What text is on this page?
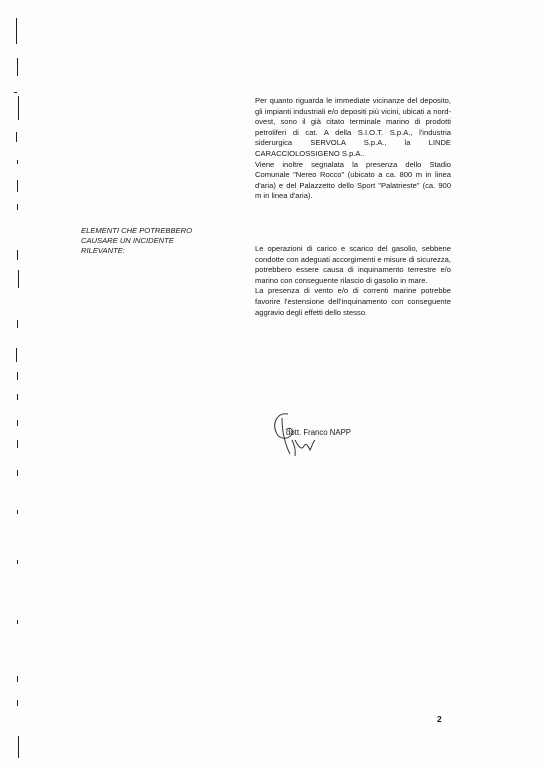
Per quanto riguarda le immediate vicinanze del deposito, gli impianti industriali e/o depositi più vicini, ubicati a nord-ovest, sono il già citato terminale marino di prodotti petroliferi di cat. A della S.I.O.T. S.p.A., l'industria siderurgica SERVOLA S.p.A., la LINDE CARACCIOLOSSIGENO S.p.A..

Viene inoltre segnalata la presenza dello Stadio Comunale "Nereo Rocco" (ubicato a ca. 800 m in linea d'aria) e del Palazzetto dello Sport "Palatrieste" (ca. 900 m in linea d'aria).

ELEMENTI CHE POTREBBERO
CAUSARE UN INCIDENTE
RILEVANTE:	Le operazioni di carico e scarico del gasolio, sebbene condotte con adeguati accorgimenti e misure di sicurezza, potrebbero essere causa di inquinamento terrestre e/o marino con conseguente rilascio di gasolio in mare.

La presenza di vento e/o di correnti marine potrebbe favorire l'estensione dell'inquinamento con conseguente aggravio degli effetti dello stesso.

dott. Franco NAPP
2
